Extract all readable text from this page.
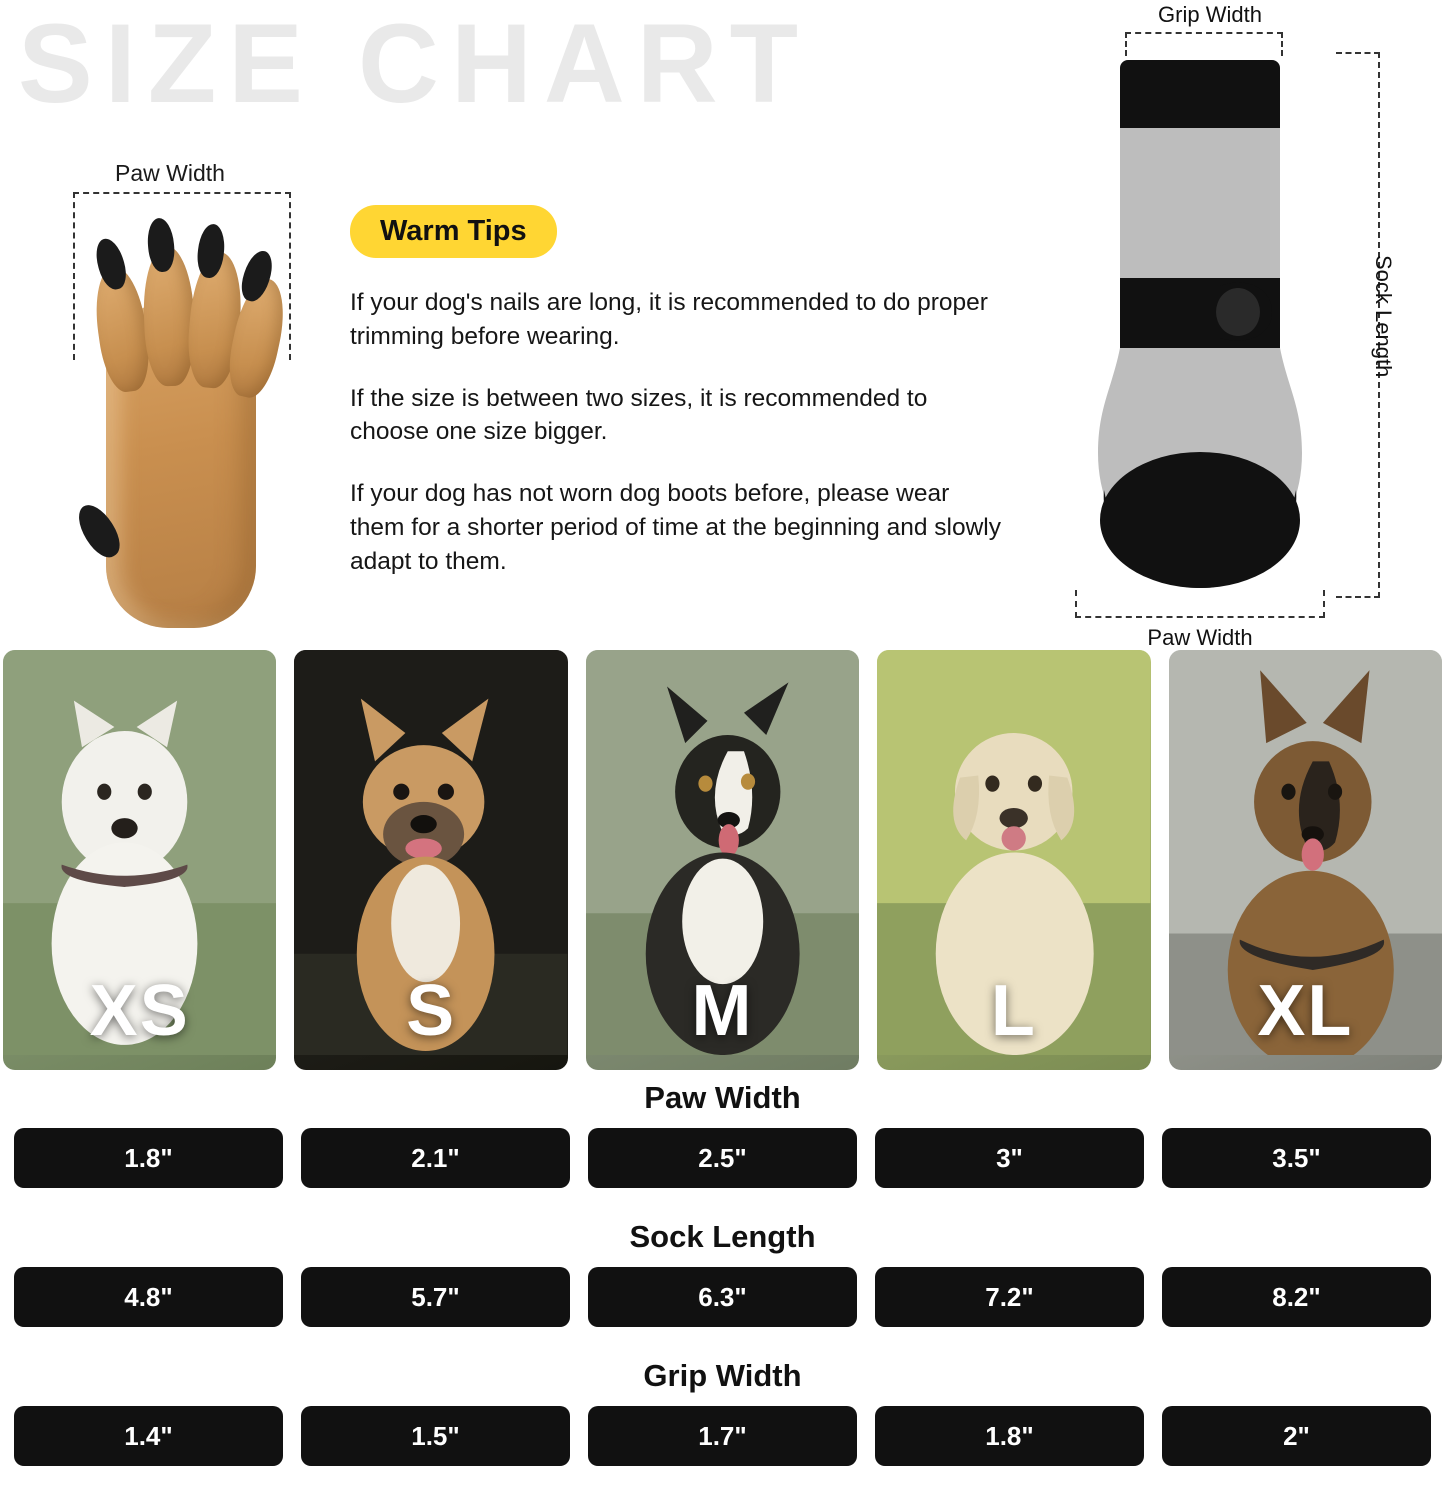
SIZE CHART
Paw Width
Warm Tips

If your dog's nails are long, it is recommended to do proper trimming before wearing.

If the size is between two sizes, it is recommended to choose one size bigger.

If your dog has not worn dog boots before, please wear them for a shorter period of time at the beginning and slowly adapt to them.

Grip Width
Paw Width
Sock Length
XS	S	M	L	XL
Paw Width
1.8"	2.1"	2.5"	3"	3.5"
Sock Length
4.8"	5.7"	6.3"	7.2"	8.2"
Grip Width
1.4"	1.5"	1.7"	1.8"	2"
